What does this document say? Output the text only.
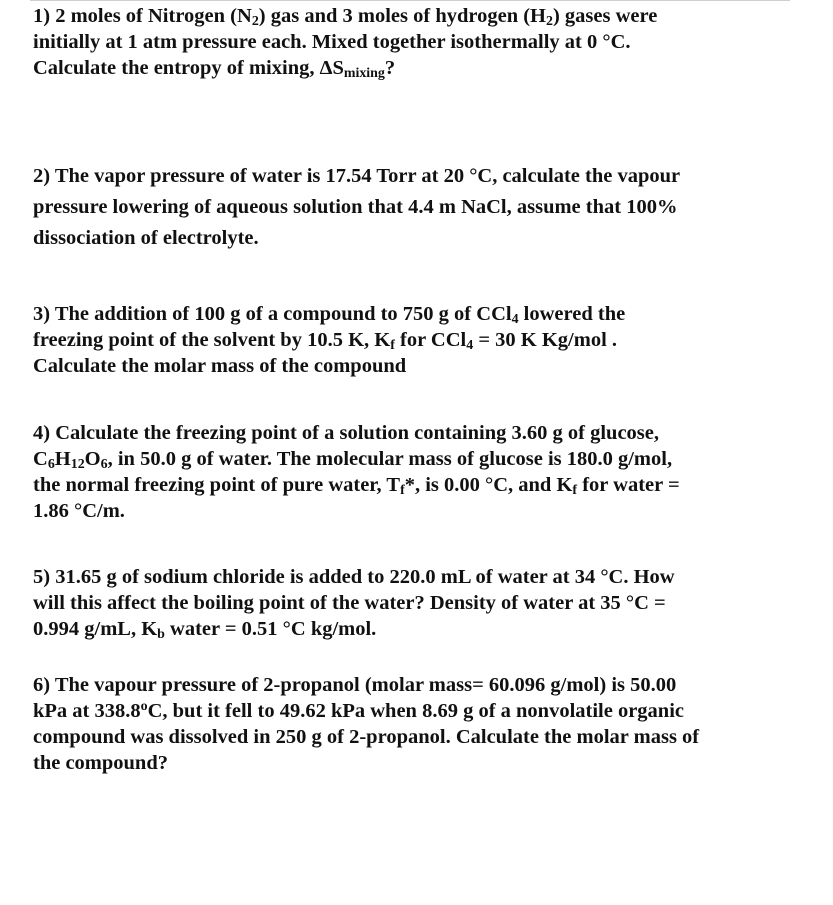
1) 2 moles of Nitrogen $(N_2)$ gas and 3 moles of hydrogen $(H_2)$ gases were
initially at 1 atm pressure each. Mixed together isothermally at 0 °C.
Calculate the entropy of mixing, $\Delta S_{mixing}$?
2) The vapor pressure of water is 17.54 Torr at 20 °C, calculate the vapour
pressure lowering of aqueous solution that 4.4 m NaCl, assume that 100%
dissociation of electrolyte.
3) The addition of 100 g of a compound to 750 g of CCl$_4$ lowered the
freezing point of the solvent by 10.5 K, $K_f$ for CCl$_4$ = 30 K Kg/mol .
Calculate the molar mass of the compound
4) Calculate the freezing point of a solution containing 3.60 g of glucose,
$C_6H_{12}O_6$, in 50.0 g of water. The molecular mass of glucose is 180.0 g/mol,
the normal freezing point of pure water, $T_f*$, is 0.00 °C, and $K_f$ for water =
1.86 °C/m.
5) 31.65 g of sodium chloride is added to 220.0 mL of water at 34 °C. How
will this affect the boiling point of the water? Density of water at 35 °C =
0.994 g/mL, $K_b$ water = 0.51 °C kg/mol.
6) The vapour pressure of 2-propanol (molar mass= 60.096 g/mol) is 50.00
kPa at 338.8$^o$C, but it fell to 49.62 kPa when 8.69 g of a nonvolatile organic
compound was dissolved in 250 g of 2-propanol. Calculate the molar mass of
the compound?
